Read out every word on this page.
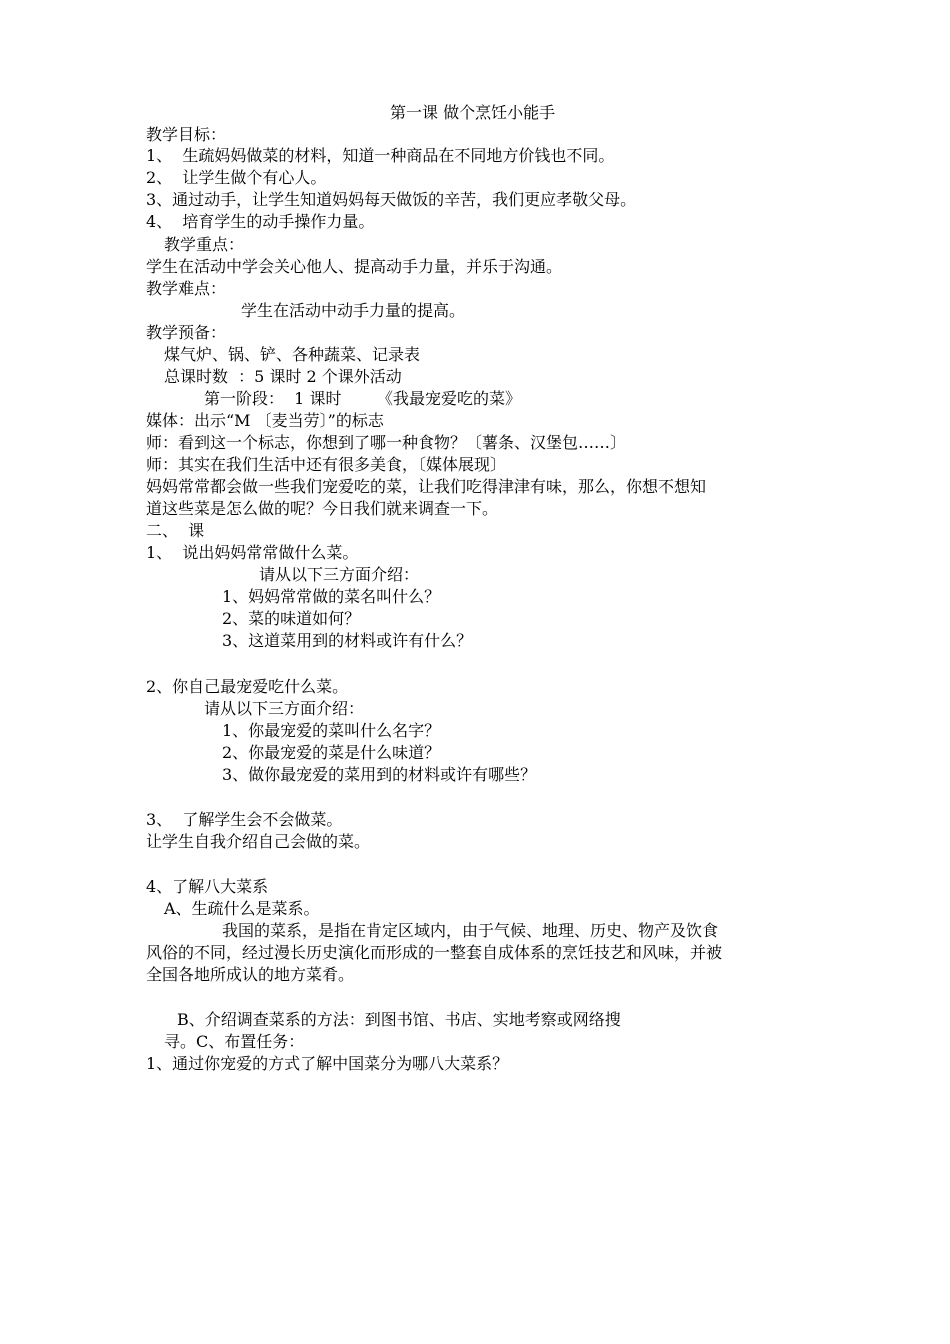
第一课 做个烹饪小能手
教学目标：
1、  生疏妈妈做菜的材料，知道一种商品在不同地方价钱也不同。
2、  让学生做个有心人。
3、通过动手，让学生知道妈妈每天做饭的辛苦，我们更应孝敬父母。
4、  培育学生的动手操作力量。
教学重点：
学生在活动中学会关心他人、提高动手力量，并乐于沟通。
教学难点：
学生在活动中动手力量的提高。
教学预备：
煤气炉、锅、铲、各种蔬菜、记录表
总课时数  ：5 课时 2 个课外活动
第一阶段：  1 课时       《我最宠爱吃的菜》
媒体：出示“M 〔麦当劳〕”的标志
师：看到这一个标志，你想到了哪一种食物？〔薯条、汉堡包……〕
师：其实在我们生活中还有很多美食，〔媒体展现〕
妈妈常常都会做一些我们宠爱吃的菜，让我们吃得津津有味，那么，你想不想知
道这些菜是怎么做的呢？今日我们就来调查一下。
二、  课
1、  说出妈妈常常做什么菜。
请从以下三方面介绍：
1、妈妈常常做的菜名叫什么？
2、菜的味道如何？
3、这道菜用到的材料或许有什么？
2、你自己最宠爱吃什么菜。
请从以下三方面介绍：
1、你最宠爱的菜叫什么名字？
2、你最宠爱的菜是什么味道？
3、做你最宠爱的菜用到的材料或许有哪些？
3、  了解学生会不会做菜。
让学生自我介绍自己会做的菜。
4、了解八大菜系
A、生疏什么是菜系。
我国的菜系，是指在肯定区域内，由于气候、地理、历史、物产及饮食
风俗的不同，经过漫长历史演化而形成的一整套自成体系的烹饪技艺和风味，并被
全国各地所成认的地方菜肴。
B、介绍调查菜系的方法：到图书馆、书店、实地考察或网络搜
寻。C、布置任务：
1、通过你宠爱的方式了解中国菜分为哪八大菜系？
